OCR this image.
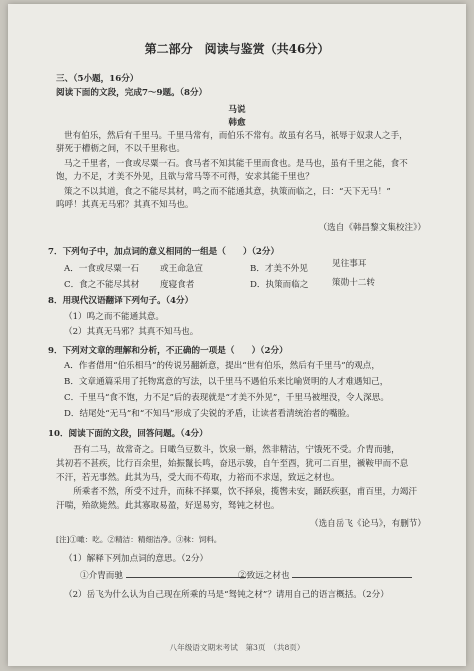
第二部分　阅读与鉴赏（共46分）
三、（5小题，16分）
阅读下面的文段，完成7～9题。（8分）
马说
韩愈
世有伯乐，然后有千里马。千里马常有，而伯乐不常有。故虽有名马，祇辱于奴隶人之手，
骈死于槽枥之间，不以千里称也。
马之千里者，一食或尽粟一石。食马者不知其能千里而食也。是马也，虽有千里之能，食不
饱，力不足，才美不外见，且欲与常马等不可得，安求其能千里也？
策之不以其道，食之不能尽其材，鸣之而不能通其意，执策而临之，曰：“天下无马！”
呜呼！其真无马邪？其真不知马也。
（选自《韩昌黎文集校注》）
7．下列句子中，加点词的意义相同的一组是（　　）（2分）
A．一食或尽粟一石 或王命急宣	B．才美不外见	见往事耳
C．食之不能尽其材 度寝食者	D．执策而临之	策勋十二转
8．用现代汉语翻译下列句子。（4分）
（1）鸣之而不能通其意。
（2）其真无马邪？其真不知马也。
9．下列对文章的理解和分析，不正确的一项是（　　）（2分）
A．作者借用“伯乐相马”的传说另翻新意，提出“世有伯乐，然后有千里马”的观点，
B．文章通篇采用了托物寓意的写法，以千里马不遇伯乐来比喻贤明的人才难遇知己，
C．千里马“食不饱，力不足”后的表现就是“才美不外见”，千里马被埋没，令人深思。
D．结尾处“无马”和“不知马”形成了尖锐的矛盾，让读者看清统治者的嘴脸。
10．阅读下面的文段，回答问题。（4分）
　　吾有二马，故常奇之。日噉刍豆数斗，饮泉一斛，然非精洁，宁饿死不受。介胄而驰，
其初若不甚疾，比行百余里，始振鬣长鸣，奋迅示骏，自午至酉，犹可二百里，褫鞍甲而不息
不汗，若无事然。此其为马，受大而不苟取，力裕而不求逞，致远之材也。
　　所乘者不然，所受不过升，而秣不择粟，饮不择泉，揽辔未安，踊跃疾驱，甫百里，力竭汗
汗喘，殆欲毙然。此其寡取易盈，好逞易穷，驽钝之材也。
（选自岳飞《论马》，有删节）
[注]①噉：吃。②精洁：精细洁净。③秣：饲料。
（1）解释下列加点词的意思。（2分）
①介胄而驰	②致远之材也
（2）岳飞为什么认为自己现在所乘的马是“驽钝之材”？请用自己的语言概括。（2分）
八年级语文期末考试　第3页　（共8页）
